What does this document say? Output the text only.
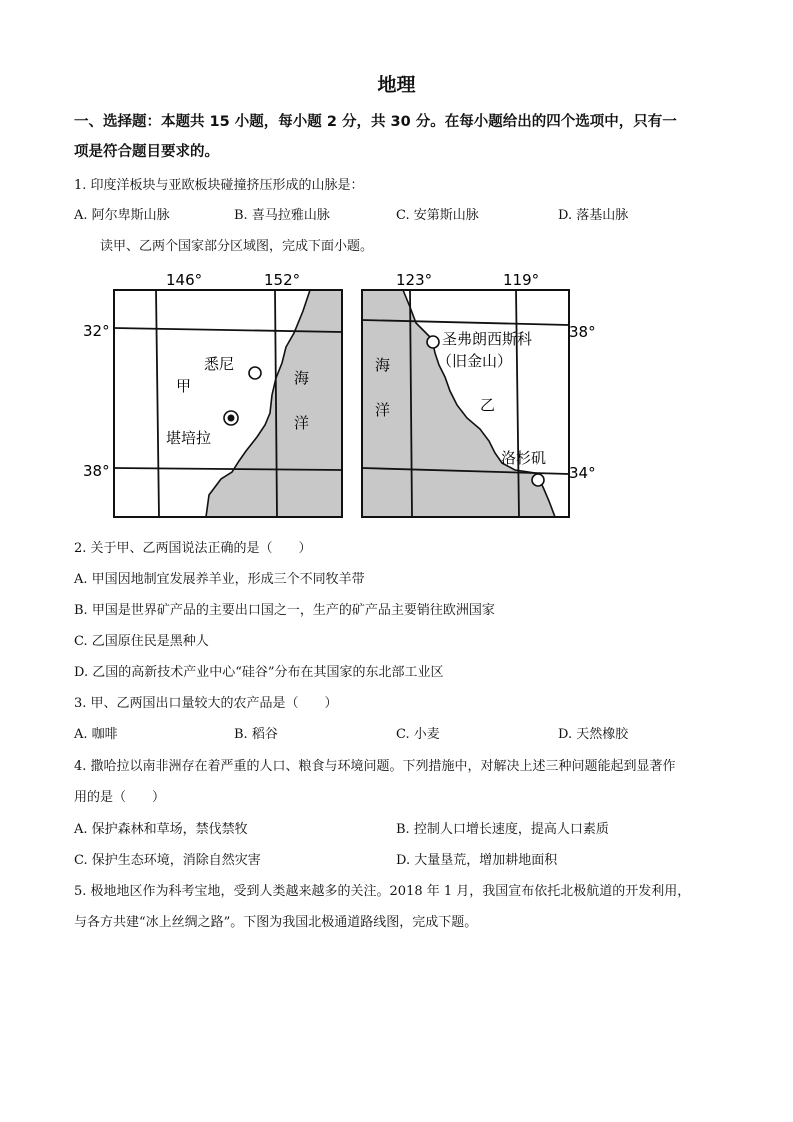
地理
一、选择题：本题共 15 小题，每小题 2 分，共 30 分。在每小题给出的四个选项中，只有一
项是符合题目要求的。
1. 印度洋板块与亚欧板块碰撞挤压形成的山脉是：
A. 阿尔卑斯山脉	B. 喜马拉雅山脉	C. 安第斯山脉	D. 落基山脉
读甲、乙两个国家部分区域图，完成下面小题。
146°	152°
32°
38°
悉尼
甲
堪培拉
海
洋
123°	119°
38°
34°
圣弗朗西斯科
（旧金山）
乙
洛杉矶
海
洋
2. 关于甲、乙两国说法正确的是（　　）
A. 甲国因地制宜发展养羊业，形成三个不同牧羊带
B. 甲国是世界矿产品的主要出口国之一，生产的矿产品主要销往欧洲国家
C. 乙国原住民是黑种人
D. 乙国的高新技术产业中心“硅谷”分布在其国家的东北部工业区
3. 甲、乙两国出口量较大的农产品是（　　）
A. 咖啡	B. 稻谷	C. 小麦	D. 天然橡胶
4. 撒哈拉以南非洲存在着严重的人口、粮食与环境问题。下列措施中，对解决上述三种问题能起到显著作
用的是（　　）
A. 保护森林和草场，禁伐禁牧	B. 控制人口增长速度，提高人口素质
C. 保护生态环境，消除自然灾害	D. 大量垦荒，增加耕地面积
5. 极地地区作为科考宝地，受到人类越来越多的关注。2018 年 1 月，我国宣布依托北极航道的开发利用，
与各方共建“冰上丝绸之路”。下图为我国北极通道路线图，完成下题。
